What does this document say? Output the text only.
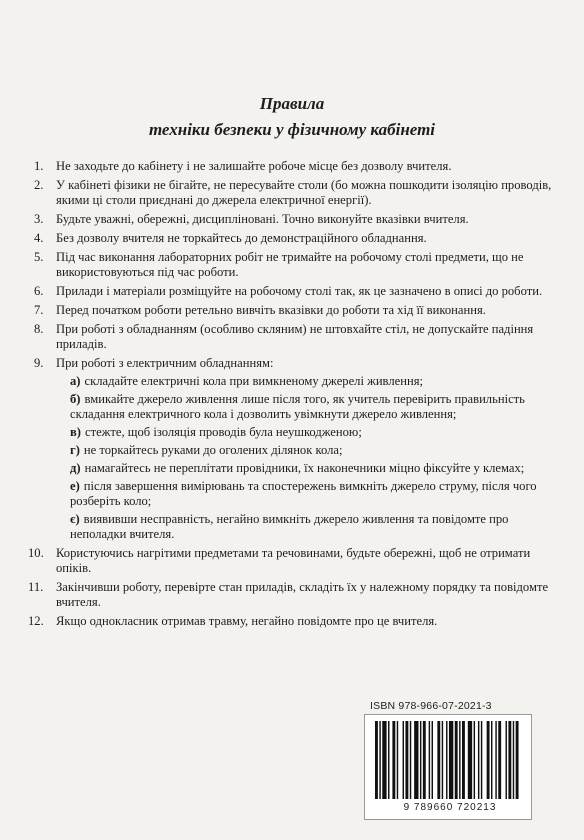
Правила
техніки безпеки у фізичному кабінеті
1. Не заходьте до кабінету і не залишайте робоче місце без дозволу вчителя.
2. У кабінеті фізики не бігайте, не пересувайте столи (бо можна пошкодити ізоляцію проводів, якими ці столи приєднані до джерела електричної енергії).
3. Будьте уважні, обережні, дисципліновані. Точно виконуйте вказівки вчителя.
4. Без дозволу вчителя не торкайтесь до демонстраційного обладнання.
5. Під час виконання лабораторних робіт не тримайте на робочому столі предмети, що не використовуються під час роботи.
6. Прилади і матеріали розміщуйте на робочому столі так, як це зазначено в описі до роботи.
7. Перед початком роботи ретельно вивчіть вказівки до роботи та хід її виконання.
8. При роботі з обладнанням (особливо скляним) не штовхайте стіл, не допускайте падіння приладів.
9. При роботі з електричним обладнанням:
а) складайте електричні кола при вимкненому джерелі живлення;
б) вмикайте джерело живлення лише після того, як учитель перевірить правильність складання електричного кола і дозволить увімкнути джерело живлення;
в) стежте, щоб ізоляція проводів була неушкодженою;
г) не торкайтесь руками до оголених ділянок кола;
д) намагайтесь не переплітати провідники, їх наконечники міцно фіксуйте у клемах;
е) після завершення вимірювань та спостережень вимкніть джерело струму, після чого розберіть коло;
є) виявивши несправність, негайно вимкніть джерело живлення та повідомте про неполадки вчителя.
10. Користуючись нагрітими предметами та речовинами, будьте обережні, щоб не отримати опіків.
11. Закінчивши роботу, перевірте стан приладів, складіть їх у належному порядку та повідомте вчителя.
12. Якщо однокласник отримав травму, негайно повідомте про це вчителя.
ISBN 978-966-07-2021-3
9 789660 720213
